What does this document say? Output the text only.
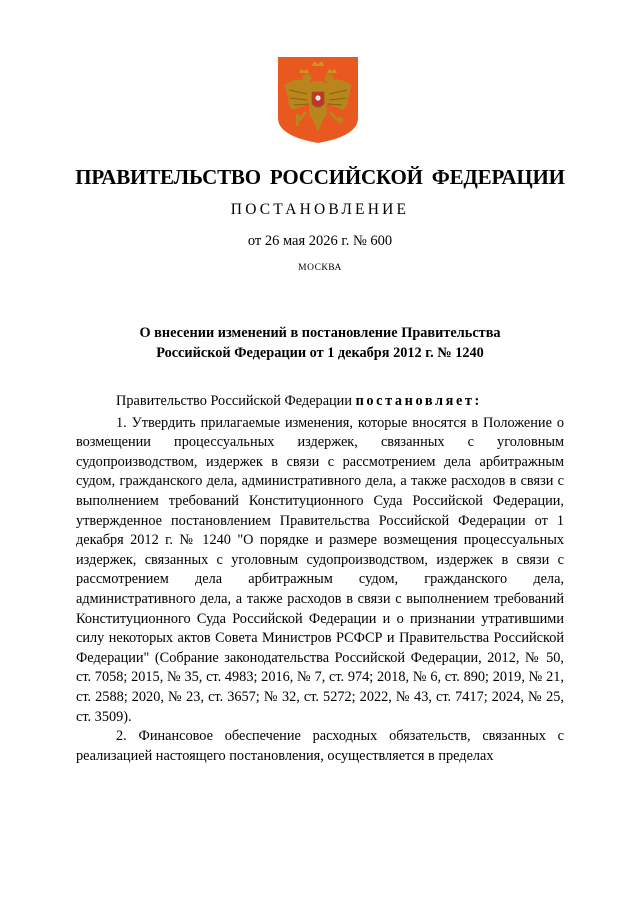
ПРАВИТЕЛЬСТВО РОССИЙСКОЙ ФЕДЕРАЦИИ
ПОСТАНОВЛЕНИЕ
от 26 мая 2026 г. № 600
МОСКВА
О внесении изменений в постановление Правительства
Российской Федерации от 1 декабря 2012 г. № 1240

Правительство Российской Федерации постановляет:

1. Утвердить прилагаемые изменения, которые вносятся в Положение о возмещении процессуальных издержек, связанных с уголовным судопроизводством, издержек в связи с рассмотрением дела арбитражным судом, гражданского дела, административного дела, а также расходов в связи с выполнением требований Конституционного Суда Российской Федерации, утвержденное постановлением Правительства Российской Федерации от 1 декабря 2012 г. № 1240 "О порядке и размере возмещения процессуальных издержек, связанных с уголовным судопроизводством, издержек в связи с рассмотрением дела арбитражным судом, гражданского дела, административного дела, а также расходов в связи с выполнением требований Конституционного Суда Российской Федерации и о признании утратившими силу некоторых актов Совета Министров РСФСР и Правительства Российской Федерации" (Собрание законодательства Российской Федерации, 2012, № 50, ст. 7058; 2015, № 35, ст. 4983; 2016, № 7, ст. 974; 2018, № 6, ст. 890; 2019, № 21, ст. 2588; 2020, № 23, ст. 3657; № 32, ст. 5272; 2022, № 43, ст. 7417; 2024, № 25, ст. 3509).

2. Финансовое обеспечение расходных обязательств, связанных с реализацией настоящего постановления, осуществляется в пределах
